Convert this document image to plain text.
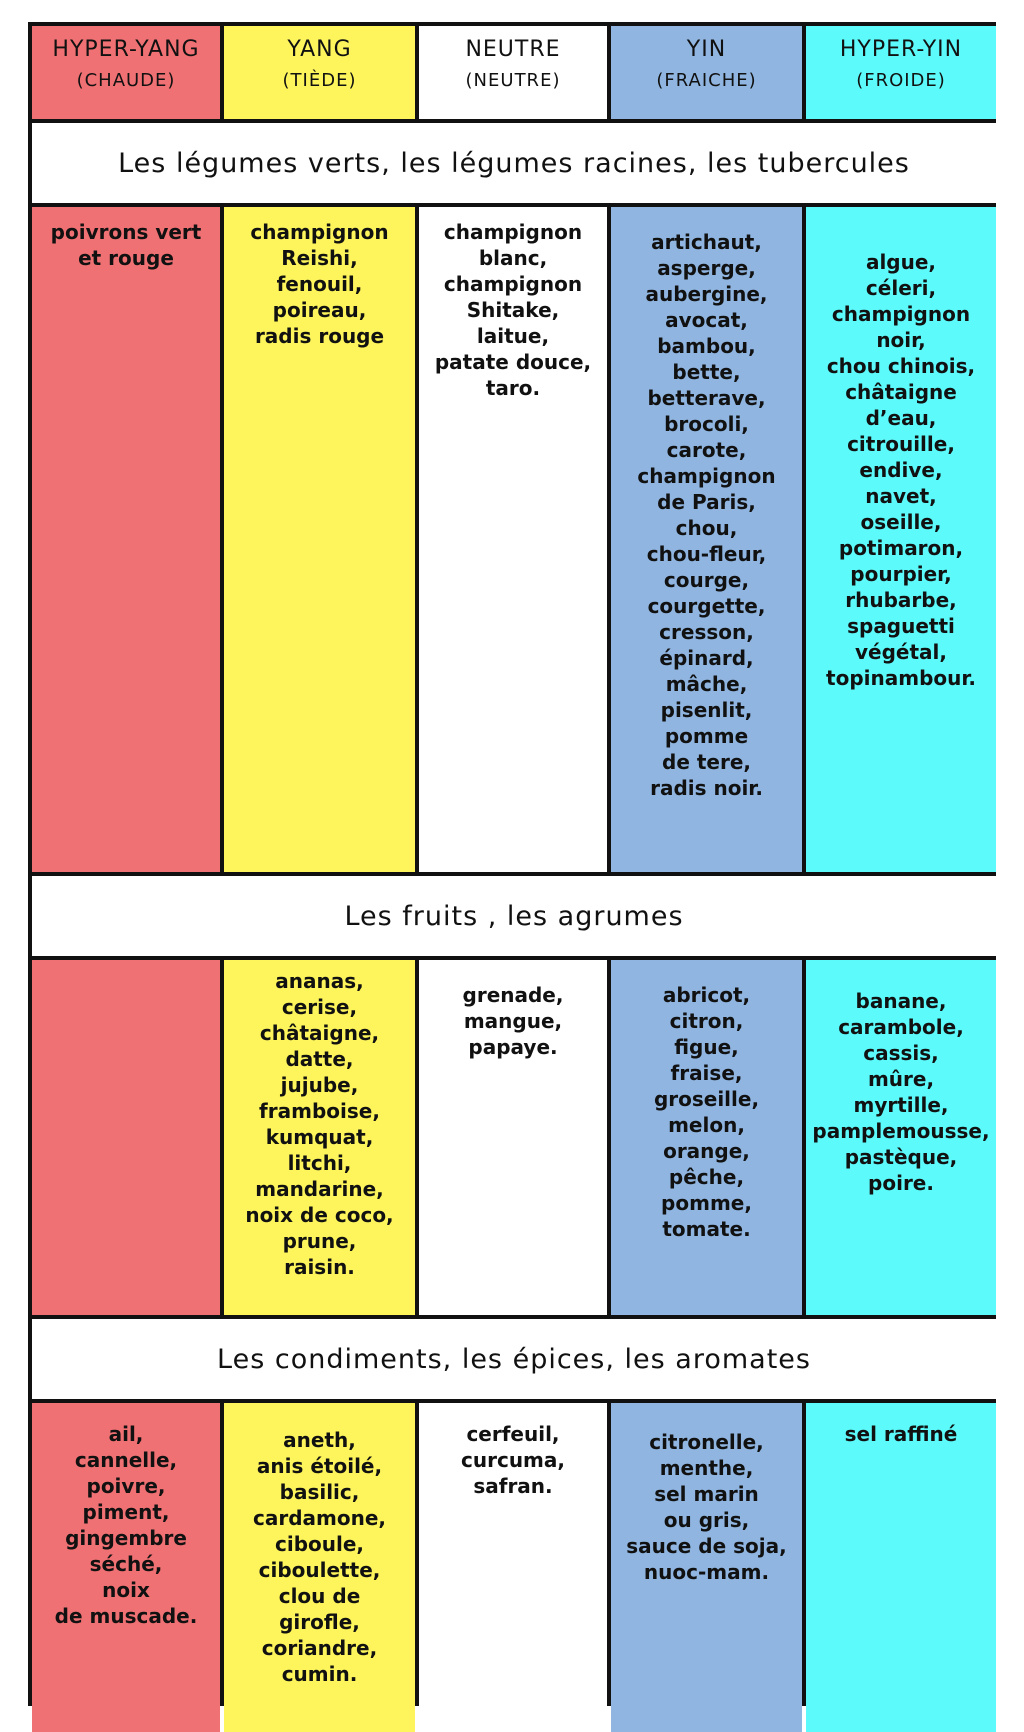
HYPER-YANG
(CHAUDE)
YANG
(TIÈDE)
NEUTRE
(NEUTRE)
YIN
(FRAICHE)
HYPER-YIN
(FROIDE)
Les légumes verts, les légumes racines, les tubercules
poivrons vert
et rouge
champignon
Reishi,
fenouil,
poireau,
radis rouge
champignon
blanc,
champignon
Shitake,
laitue,
patate douce,
taro.
artichaut,
asperge,
aubergine,
avocat,
bambou,
bette,
betterave,
brocoli,
carote,
champignon
de Paris,
chou,
chou-fleur,
courge,
courgette,
cresson,
épinard,
mâche,
pisenlit,
pomme
de tere,
radis noir.
algue,
céleri,
champignon
noir,
chou chinois,
châtaigne
d’eau,
citrouille,
endive,
navet,
oseille,
potimaron,
pourpier,
rhubarbe,
spaguetti
végétal,
topinambour.
Les fruits , les agrumes
ananas,
cerise,
châtaigne,
datte,
jujube,
framboise,
kumquat,
litchi,
mandarine,
noix de coco,
prune,
raisin.
grenade,
mangue,
papaye.
abricot,
citron,
figue,
fraise,
groseille,
melon,
orange,
pêche,
pomme,
tomate.
banane,
carambole,
cassis,
mûre,
myrtille,
pamplemousse,
pastèque,
poire.
Les condiments, les épices, les aromates
ail,
cannelle,
poivre,
piment,
gingembre
séché,
noix
de muscade.
aneth,
anis étoilé,
basilic,
cardamone,
ciboule,
ciboulette,
clou de
girofle,
coriandre,
cumin.
cerfeuil,
curcuma,
safran.
citronelle,
menthe,
sel marin
ou gris,
sauce de soja,
nuoc-mam.
sel raffiné
